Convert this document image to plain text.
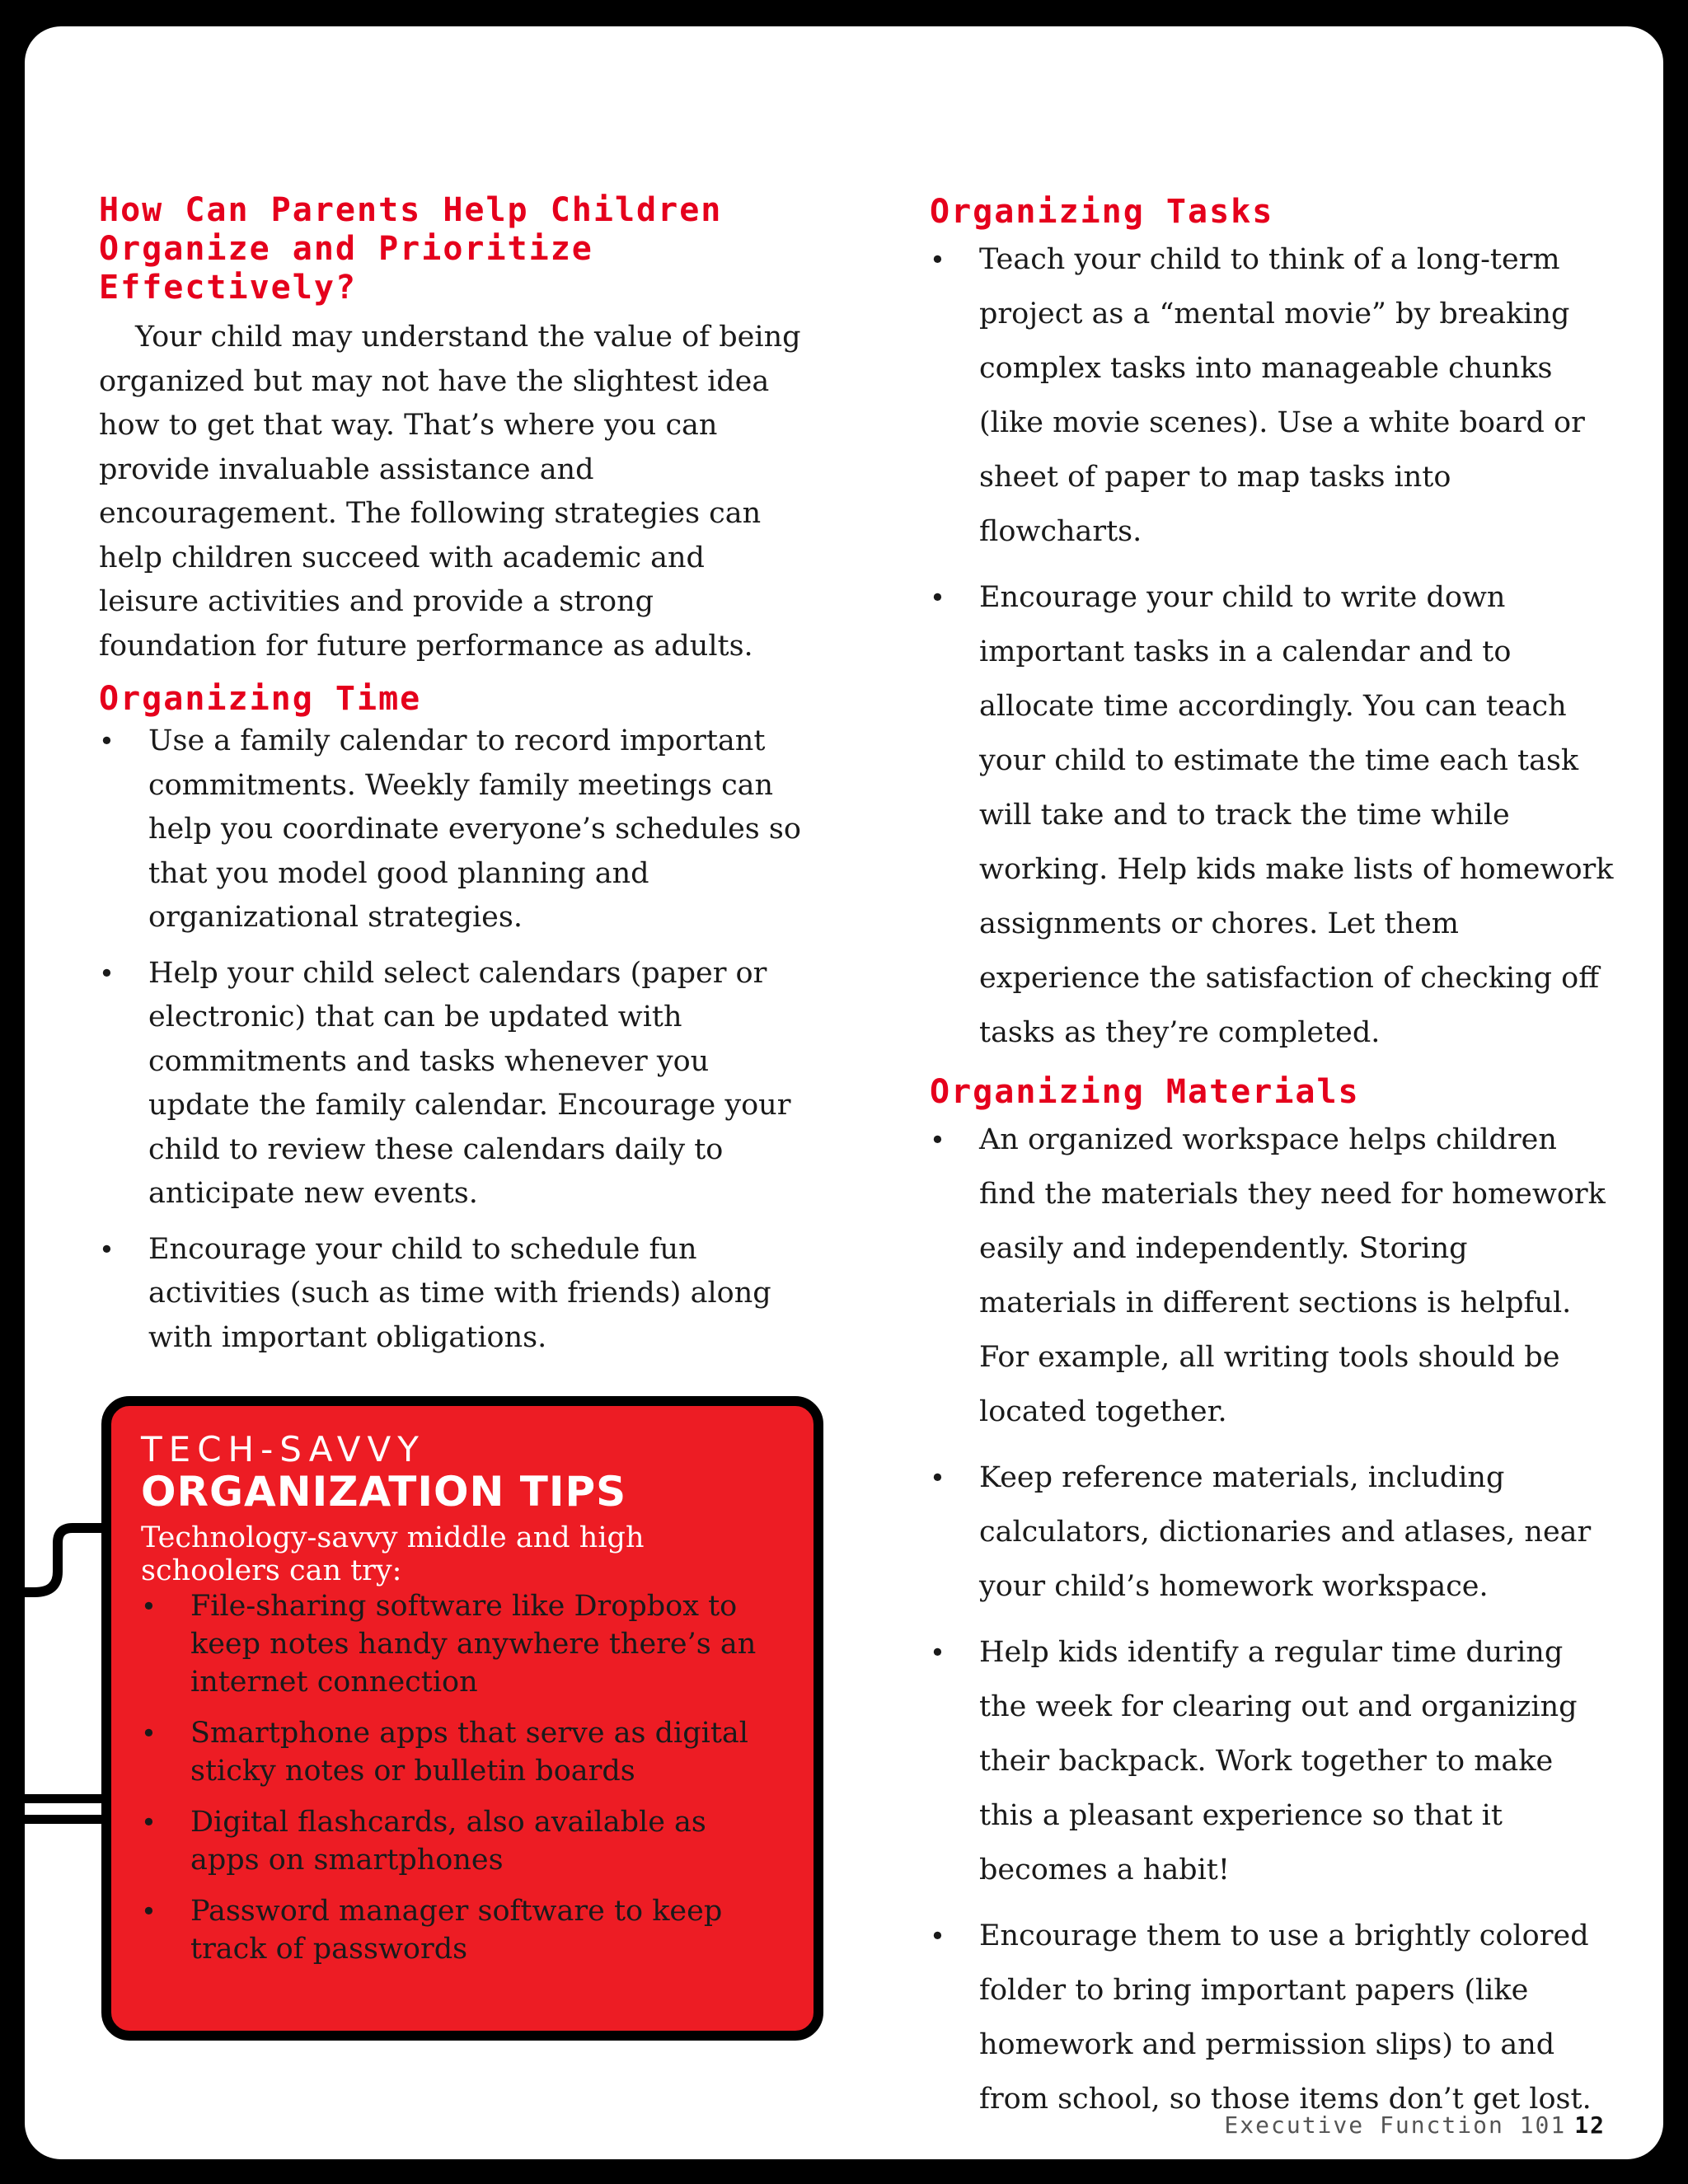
How Can Parents Help Children Organize and Prioritize Effectively?

Your child may understand the value of being organized but may not have the slightest idea how to get that way. That’s where you can provide invaluable assistance and encouragement. The following strategies can help children succeed with academic and leisure activities and provide a strong foundation for future performance as adults.

Organizing Time
• Use a family calendar to record important commitments. Weekly family meetings can help you coordinate everyone’s schedules so that you model good planning and organizational strategies.
• Help your child select calendars (paper or electronic) that can be updated with commitments and tasks whenever you update the family calendar. Encourage your child to review these calendars daily to anticipate new events.
• Encourage your child to schedule fun activities (such as time with friends) along with important obligations.
TECH-SAVVY
ORGANIZATION TIPS
Technology-savvy middle and high schoolers can try:
• File-sharing software like Dropbox to keep notes handy anywhere there’s an internet connection
• Smartphone apps that serve as digital sticky notes or bulletin boards
• Digital flashcards, also available as apps on smartphones
• Password manager software to keep track of passwords
Organizing Tasks
• Teach your child to think of a long-term project as a “mental movie” by breaking complex tasks into manageable chunks (like movie scenes). Use a white board or sheet of paper to map tasks into flowcharts.
• Encourage your child to write down important tasks in a calendar and to allocate time accordingly. You can teach your child to estimate the time each task will take and to track the time while working. Help kids make lists of homework assignments or chores. Let them experience the satisfaction of checking off tasks as they’re completed.
Organizing Materials
• An organized workspace helps children find the materials they need for homework easily and independently. Storing materials in different sections is helpful. For example, all writing tools should be located together.
• Keep reference materials, including calculators, dictionaries and atlases, near your child’s homework workspace.
• Help kids identify a regular time during the week for clearing out and organizing their backpack. Work together to make this a pleasant experience so that it becomes a habit!
• Encourage them to use a brightly colored folder to bring important papers (like homework and permission slips) to and from school, so those items don’t get lost.
Executive Function 101 12
